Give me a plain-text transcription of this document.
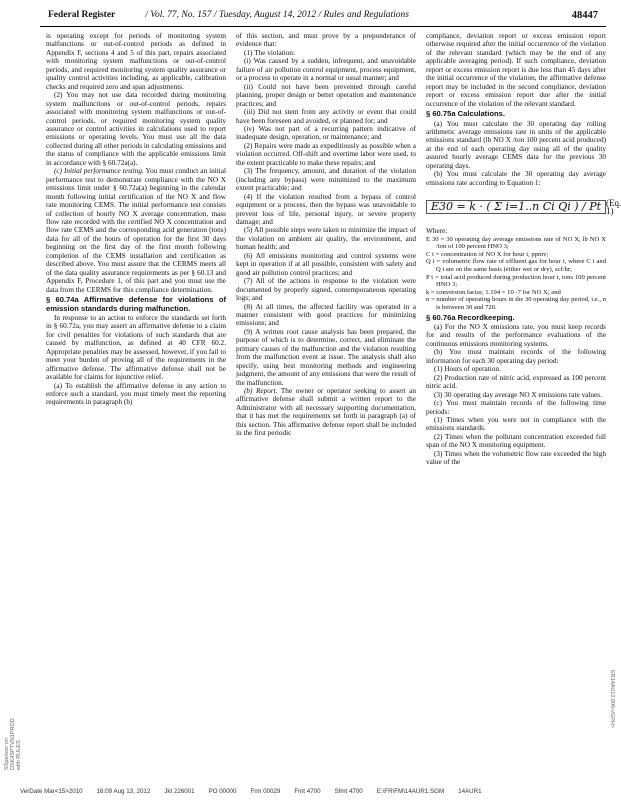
Federal Register	/ Vol. 77, No. 157 / Tuesday, August 14, 2012 / Rules and Regulations	48447

is operating except for periods of monitoring system malfunctions or out-of-control periods as defined in Appendix F, sections 4 and 5 of this part, repairs associated with monitoring system malfunctions or out-of-control periods, and required monitoring system quality assurance or quality control activities including, as applicable, calibration checks and required zero and span adjustments.

(2) You may not use data recorded during monitoring system malfunctions or out-of-control periods, repairs associated with monitoring system malfunctions or out-of-control periods, or required monitoring system quality assurance or control activities in calculations used to report emissions or operating levels. You must use all the data collected during all other periods in calculating emissions and the status of compliance with the applicable emissions limit in accordance with § 60.72a(a).

(c) Initial performance testing. You must conduct an initial performance test to demonstrate compliance with the NO X emissions limit under § 60.72a(a) beginning in the calendar month following initial certification of the NO X and flow rate monitoring CEMS. The initial performance test consists of collection of hourly NO X average concentration, mass flow rate recorded with the certified NO X concentration and flow rate CEMS and the corresponding acid generation (tons) data for all of the hours of operation for the first 30 days beginning on the first day of the first month following completion of the CEMS installation and certification as described above. You must assure that the CERMS meets all of the data quality assurance requirements as per § 60.13 and Appendix F, Procedure 1, of this part and you must use the data from the CERMS for this compliance determination.

§ 60.74a Affirmative defense for violations of emission standards during malfunction.

In response to an action to enforce the standards set forth in § 60.72a, you may assert an affirmative defense to a claim for civil penalties for violations of such standards that are caused by malfunction, as defined at 40 CFR 60.2. Appropriate penalties may be assessed, however, if you fail to meet your burden of proving all of the requirements in the affirmative defense. The affirmative defense shall not be available for claims for injunctive relief.

(a) To establish the affirmative defense in any action to enforce such a standard, you must timely meet the reporting requirements in paragraph (b)

of this section, and must prove by a preponderance of evidence that:

(1) The violation:

(i) Was caused by a sudden, infrequent, and unavoidable failure of air pollution control equipment, process equipment, or a process to operate in a normal or usual manner; and

(ii) Could not have been prevented through careful planning, proper design or better operation and maintenance practices; and

(iii) Did not stem from any activity or event that could have been foreseen and avoided, or planned for; and

(iv) Was not part of a recurring pattern indicative of inadequate design, operation, or maintenance; and

(2) Repairs were made as expeditiously as possible when a violation occurred. Off-shift and overtime labor were used, to the extent practicable to make these repairs; and

(3) The frequency, amount, and duration of the violation (including any bypass) were minimized to the maximum extent practicable; and

(4) If the violation resulted from a bypass of control equipment or a process, then the bypass was unavoidable to prevent loss of life, personal injury, or severe property damage; and

(5) All possible steps were taken to minimize the impact of the violation on ambient air quality, the environment, and human health; and

(6) All emissions monitoring and control systems were kept in operation if at all possible, consistent with safety and good air pollution control practices; and

(7) All of the actions in response to the violation were documented by properly signed, contemporaneous operating logs; and

(8) At all times, the affected facility was operated in a manner consistent with good practices for minimizing emissions; and

(9) A written root cause analysis has been prepared, the purpose of which is to determine, correct, and eliminate the primary causes of the malfunction and the violation resulting from the malfunction event at issue. The analysis shall also specify, using best monitoring methods and engineering judgment, the amount of any emissions that were the result of the malfunction.

(b) Report. The owner or operator seeking to assert an affirmative defense shall submit a written report to the Administrator with all necessary supporting documentation, that it has met the requirements set forth in paragraph (a) of this section. This affirmative defense report shall be included in the first periodic

compliance, deviation report or excess emission report otherwise required after the initial occurrence of the violation of the relevant standard (which may be the end of any applicable averaging period). If such compliance, deviation report or excess emission report is due less than 45 days after the initial occurrence of the violation, the affirmative defense report may be included in the second compliance, deviation report or excess emission report due after the initial occurrence of the violation of the relevant standard.

§ 60.75a Calculations.

(a) You must calculate the 30 operating day rolling arithmetic average emissions rate in units of the applicable emissions standard (lb NO X /ton 100 percent acid produced) at the end of each operating day using all of the quality assured hourly average CEMS data for the previous 30 operating days.

(b) You must calculate the 30 operating day average emissions rate according to Equation 1:

E30 = k · ( Σ i=1..n Ci Qi ) / Pt (Eq. 1)

Where:

E 30 = 30 operating day average emissions rate of NO X, lb NO X /ton of 100 percent HNO 3;
C i = concentration of NO X for hour i, ppmv;
Q i = volumetric flow rate of effluent gas for hour i, where C i and Q i are on the same basis (either wet or dry), scf/hr;
P t = total acid produced during production hour i, tons 100 percent HNO 3;
k = conversion factor, 1.194 × 10 -7 for NO X; and
n = number of operating hours in the 30 operating day period, i.e., n is between 30 and 720.
§ 60.76a Recordkeeping.

(a) For the NO X emissions rate, you must keep records for and results of the performance evaluations of the continuous emissions monitoring systems.

(b) You must maintain records of the following information for each 30 operating day period:

(1) Hours of operation.

(2) Production rate of nitric acid, expressed as 100 percent nitric acid.

(3) 30 operating day average NO X emissions rate values.

(c) You must maintain records of the following time periods:

(1) Times when you were not in compliance with the emissions standards.

(2) Times when the pollutant concentration exceeded full span of the NO X monitoring equipment.

(3) Times when the volumetric flow rate exceeded the high value of the

SSpencer on DSK4SPTVN1PROD with RULES
ER14AU12.006</GPH>
VerDate Mar<15>2010 16:09 Aug 13, 2012 Jkt 226001 PO 00000 Frm 00029 Fmt 4700 Sfmt 4700 E:\FR\FM\14AUR1.SGM 14AUR1
